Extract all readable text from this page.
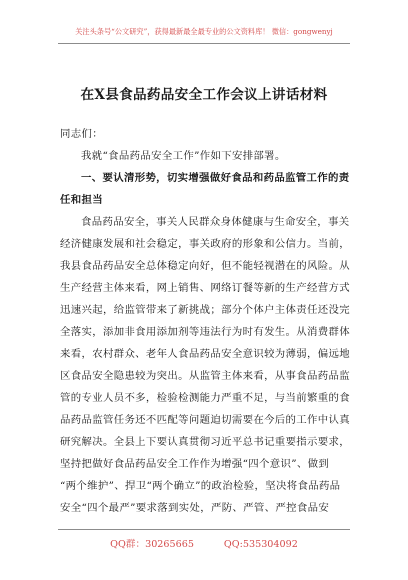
关注头条号“公文研究”，获得最新最全最专业的公文资料库！ 微信：gongwenyj
在X县食品药品安全工作会议上讲话材料
同志们：
我就“食品药品安全工作”作如下安排部署。
一、要认清形势，切实增强做好食品和药品监管工作的责
任和担当
食品药品安全，事关人民群众身体健康与生命安全，事关
经济健康发展和社会稳定，事关政府的形象和公信力。当前，
我县食品药品安全总体稳定向好，但不能轻视潜在的风险。从
生产经营主体来看，网上销售、网络订餐等新的生产经营方式
迅速兴起，给监管带来了新挑战；部分个体户主体责任还没完
全落实，添加非食用添加剂等违法行为时有发生。从消费群体
来看，农村群众、老年人食品药品安全意识较为薄弱，偏远地
区食品安全隐患较为突出。从监管主体来看，从事食品药品监
管的专业人员不多，检验检测能力严重不足，与当前繁重的食
品药品监管任务还不匹配等问题迫切需要在今后的工作中认真
研究解决。全县上下要认真贯彻习近平总书记重要指示要求，
坚持把做好食品药品安全工作作为增强“四个意识”、做到
“两个维护”、捍卫“两个确立”的政治检验，坚决将食品药品
安全“四个最严”要求落到实处，严防、严管、严控食品安
QQ群：30265665	QQ:535304092
